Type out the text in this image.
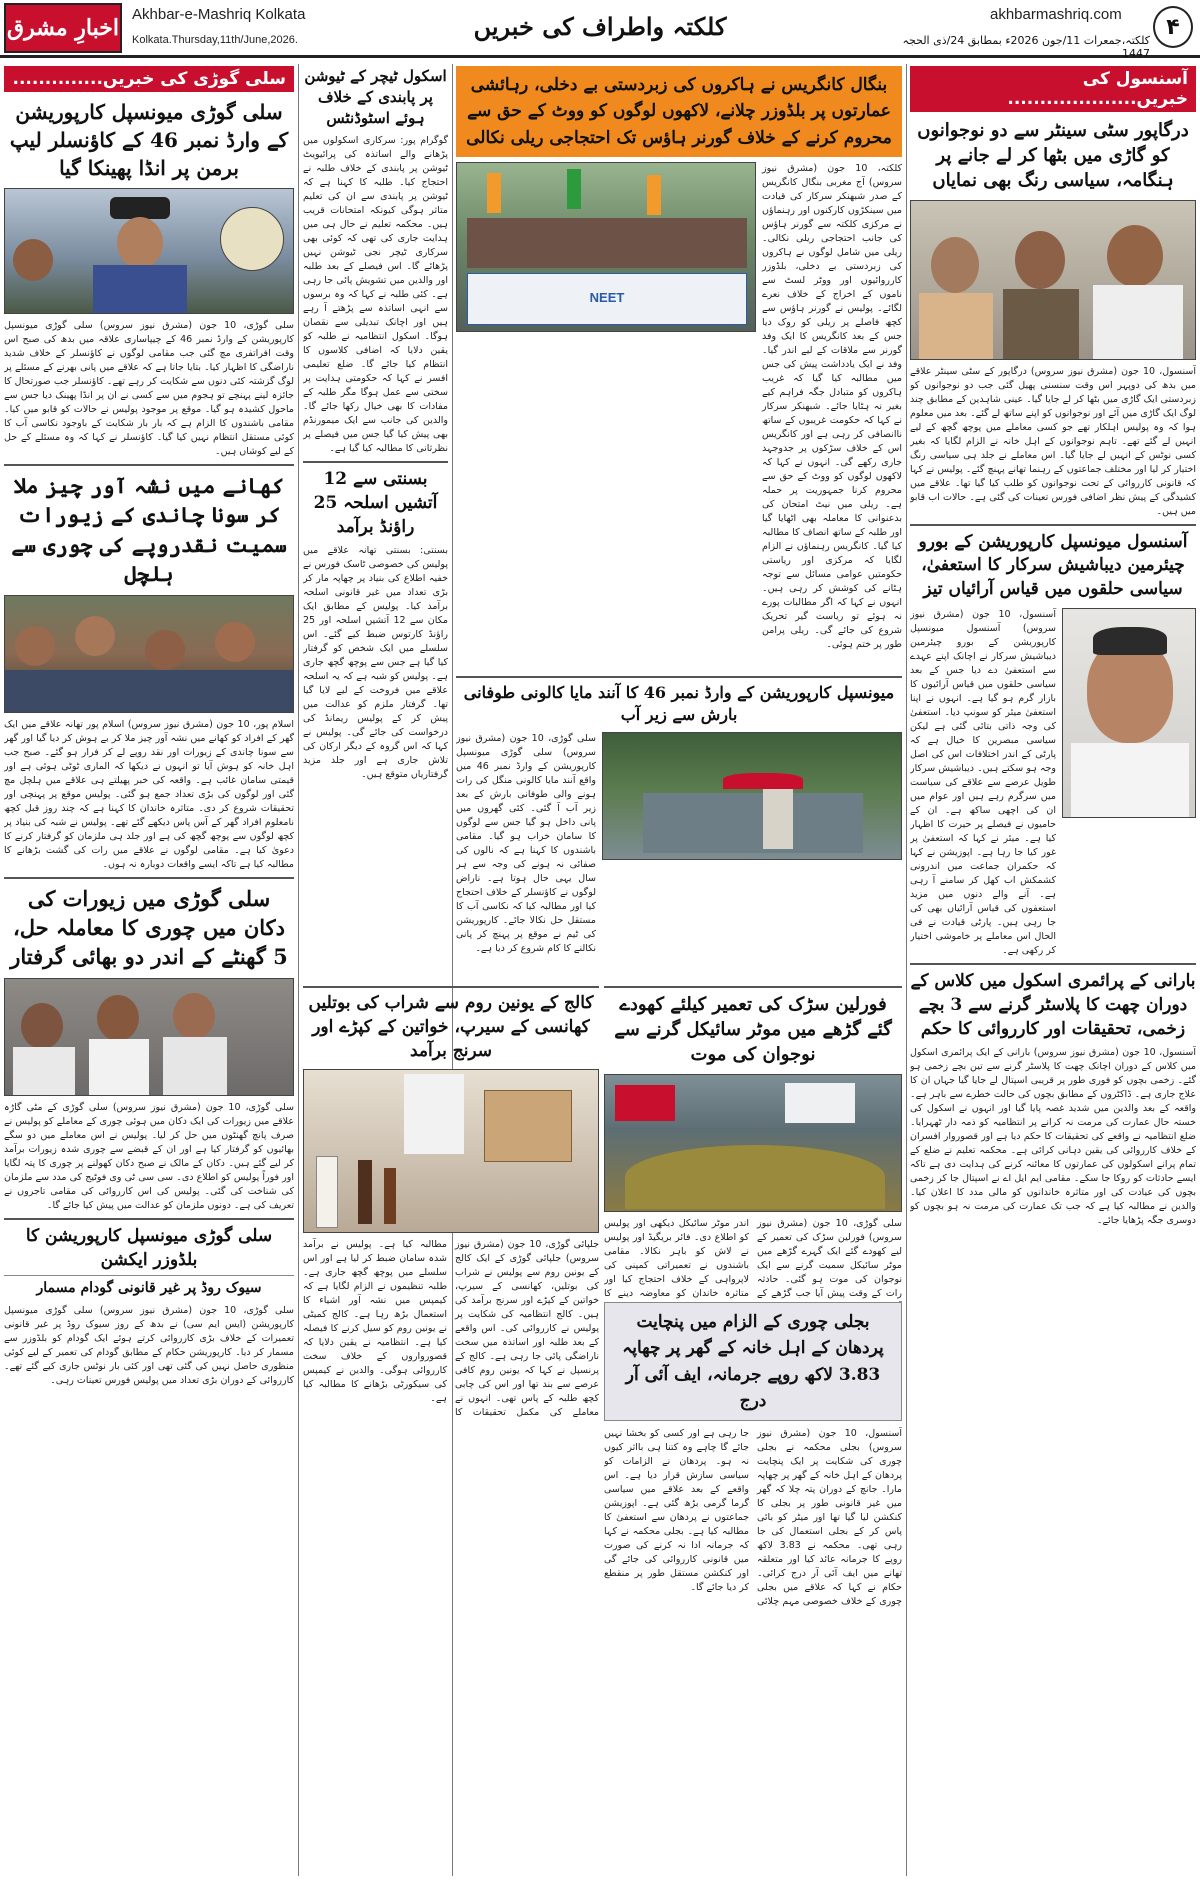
اخبارِ مشرق
Akhbar-e-Mashriq Kolkata
Kolkata.Thursday,11th/June,2026.	کلکتہ واطراف کی خبریں	akhbarmashriq.com
کلکتہ،جمعرات 11/جون 2026ء بمطابق 24/ذی الحجہ 1447
۴
سلی گوڑی کی خبریں..............
سلی گوڑی میونسپل کارپوریشن کے وارڈ نمبر 46 کے کاؤنسلر لیپ برمن پر انڈا پھینکا گیا
سلی گوڑی، 10 جون (مشرق نیوز سروس) سلی گوڑی میونسپل کارپوریشن کے وارڈ نمبر 46 کے چیپاساری علاقہ میں بدھ کی صبح اس وقت افراتفری مچ گئی جب مقامی لوگوں نے کاؤنسلر کے خلاف شدید ناراضگی کا اظہار کیا۔ بتایا جاتا ہے کہ علاقے میں پانی بھرنے کے مسئلے پر لوگ گزشتہ کئی دنوں سے شکایت کر رہے تھے۔ کاؤنسلر جب صورتحال کا جائزہ لینے پہنچے تو ہجوم میں سے کسی نے ان پر انڈا پھینک دیا جس سے ماحول کشیدہ ہو گیا۔ موقع پر موجود پولیس نے حالات کو قابو میں کیا۔ مقامی باشندوں کا الزام ہے کہ بار بار شکایت کے باوجود نکاسی آب کا کوئی مستقل انتظام نہیں کیا گیا۔ کاؤنسلر نے کہا کہ وہ مسئلے کے حل کے لیے کوشاں ہیں۔
کھانے میں نشہ آور چیز ملا کر سونا چاندی کے زیورات سمیت نقدروپے کی چوری سے ہلچل
اسلام پور، 10 جون (مشرق نیوز سروس) اسلام پور تھانہ علاقے میں ایک گھر کے افراد کو کھانے میں نشہ آور چیز ملا کر بے ہوش کر دیا گیا اور گھر سے سونا چاندی کے زیورات اور نقد روپے لے کر فرار ہو گئے۔ صبح جب اہل خانہ کو ہوش آیا تو انہوں نے دیکھا کہ الماری ٹوٹی ہوئی ہے اور قیمتی سامان غائب ہے۔ واقعہ کی خبر پھیلتے ہی علاقے میں ہلچل مچ گئی اور لوگوں کی بڑی تعداد جمع ہو گئی۔ پولیس موقع پر پہنچی اور تحقیقات شروع کر دی۔ متاثرہ خاندان کا کہنا ہے کہ چند روز قبل کچھ نامعلوم افراد گھر کے آس پاس دیکھے گئے تھے۔ پولیس نے شبہ کی بنیاد پر کچھ لوگوں سے پوچھ گچھ کی ہے اور جلد ہی ملزمان کو گرفتار کرنے کا دعویٰ کیا ہے۔ مقامی لوگوں نے علاقے میں رات کی گشت بڑھانے کا مطالبہ کیا ہے تاکہ ایسے واقعات دوبارہ نہ ہوں۔
سلی گوڑی میں زیورات کی دکان میں چوری کا معاملہ حل، 5 گھنٹے کے اندر دو بھائی گرفتار
سلی گوڑی، 10 جون (مشرق نیوز سروس) سلی گوڑی کے مٹی گاڑہ علاقے میں زیورات کی ایک دکان میں ہوئی چوری کے معاملے کو پولیس نے صرف پانچ گھنٹوں میں حل کر لیا۔ پولیس نے اس معاملے میں دو سگے بھائیوں کو گرفتار کیا ہے اور ان کے قبضے سے چوری شدہ زیورات برآمد کر لیے گئے ہیں۔ دکان کے مالک نے صبح دکان کھولنے پر چوری کا پتہ لگایا اور فوراً پولیس کو اطلاع دی۔ سی سی ٹی وی فوٹیج کی مدد سے ملزمان کی شناخت کی گئی۔ پولیس کی اس کارروائی کی مقامی تاجروں نے تعریف کی ہے۔ دونوں ملزمان کو عدالت میں پیش کیا جائے گا۔
سلی گوڑی میونسپل کارپوریشن کا بلڈوزر ایکشن
سیوک روڈ پر غیر قانونی گودام مسمار
سلی گوڑی، 10 جون (مشرق نیوز سروس) سلی گوڑی میونسپل کارپوریشن (ایس ایم سی) نے بدھ کے روز سیوک روڈ پر غیر قانونی تعمیرات کے خلاف بڑی کارروائی کرتے ہوئے ایک گودام کو بلڈوزر سے مسمار کر دیا۔ کارپوریشن حکام کے مطابق گودام کی تعمیر کے لیے کوئی منظوری حاصل نہیں کی گئی تھی اور کئی بار نوٹس جاری کیے گئے تھے۔ کارروائی کے دوران بڑی تعداد میں پولیس فورس تعینات رہی۔
اسکول ٹیچر کے ٹیوشن پر پابندی کے خلاف ہوئے اسٹوڈنٹس
گوگرام پور: سرکاری اسکولوں میں پڑھانے والے اساتذہ کی پرائیویٹ ٹیوشن پر پابندی کے خلاف طلبہ نے احتجاج کیا۔ طلبہ کا کہنا ہے کہ ٹیوشن پر پابندی سے ان کی تعلیم متاثر ہوگی کیونکہ امتحانات قریب ہیں۔ محکمہ تعلیم نے حال ہی میں ہدایت جاری کی تھی کہ کوئی بھی سرکاری ٹیچر نجی ٹیوشن نہیں پڑھائے گا۔ اس فیصلے کے بعد طلبہ اور والدین میں تشویش پائی جا رہی ہے۔ کئی طلبہ نے کہا کہ وہ برسوں سے انہی اساتذہ سے پڑھتے آ رہے ہیں اور اچانک تبدیلی سے نقصان ہوگا۔ اسکول انتظامیہ نے طلبہ کو یقین دلایا کہ اضافی کلاسوں کا انتظام کیا جائے گا۔ ضلع تعلیمی افسر نے کہا کہ حکومتی ہدایت پر سختی سے عمل ہوگا مگر طلبہ کے مفادات کا بھی خیال رکھا جائے گا۔ والدین کی جانب سے ایک میمورنڈم بھی پیش کیا گیا جس میں فیصلے پر نظرثانی کا مطالبہ کیا گیا ہے۔
بسنتی سے 12 آتشیں اسلحہ 25 راؤنڈ برآمد
بسنتی: بسنتی تھانہ علاقے میں پولیس کی خصوصی ٹاسک فورس نے خفیہ اطلاع کی بنیاد پر چھاپہ مار کر بڑی تعداد میں غیر قانونی اسلحہ برآمد کیا۔ پولیس کے مطابق ایک مکان سے 12 آتشیں اسلحہ اور 25 راؤنڈ کارتوس ضبط کیے گئے۔ اس سلسلے میں ایک شخص کو گرفتار کیا گیا ہے جس سے پوچھ گچھ جاری ہے۔ پولیس کو شبہ ہے کہ یہ اسلحہ علاقے میں فروخت کے لیے لایا گیا تھا۔ گرفتار ملزم کو عدالت میں پیش کر کے پولیس ریمانڈ کی درخواست کی جائے گی۔ پولیس نے کہا کہ اس گروہ کے دیگر ارکان کی تلاش جاری ہے اور جلد مزید گرفتاریاں متوقع ہیں۔
بنگال کانگریس نے ہاکروں کی زبردستی بے دخلی، رہائشی عمارتوں پر بلڈوزر چلانے، لاکھوں لوگوں کو ووٹ کے حق سے محروم کرنے کے خلاف گورنر ہاؤس تک احتجاجی ریلی نکالی
کلکتہ، 10 جون (مشرق نیوز سروس) آج مغربی بنگال کانگریس کے صدر شبھنکر سرکار کی قیادت میں سینکڑوں کارکنوں اور رہنماؤں نے مرکزی کلکتہ سے گورنر ہاؤس کی جانب احتجاجی ریلی نکالی۔ ریلی میں شامل لوگوں نے ہاکروں کی زبردستی بے دخلی، بلڈوزر کارروائیوں اور ووٹر لسٹ سے ناموں کے اخراج کے خلاف نعرے لگائے۔ پولیس نے گورنر ہاؤس سے کچھ فاصلے پر ریلی کو روک دیا جس کے بعد کانگریس کا ایک وفد گورنر سے ملاقات کے لیے اندر گیا۔ وفد نے ایک یادداشت پیش کی جس میں مطالبہ کیا گیا کہ غریب ہاکروں کو متبادل جگہ فراہم کیے بغیر نہ ہٹایا جائے۔ شبھنکر سرکار نے کہا کہ حکومت غریبوں کے ساتھ ناانصافی کر رہی ہے اور کانگریس اس کے خلاف سڑکوں پر جدوجہد جاری رکھے گی۔ انہوں نے کہا کہ لاکھوں لوگوں کو ووٹ کے حق سے محروم کرنا جمہوریت پر حملہ ہے۔ ریلی میں نیٹ امتحان کی بدعنوانی کا معاملہ بھی اٹھایا گیا اور طلبہ کے ساتھ انصاف کا مطالبہ کیا گیا۔ کانگریس رہنماؤں نے الزام لگایا کہ مرکزی اور ریاستی حکومتیں عوامی مسائل سے توجہ ہٹانے کی کوشش کر رہی ہیں۔ انہوں نے کہا کہ اگر مطالبات پورے نہ ہوئے تو ریاست گیر تحریک شروع کی جائے گی۔ ریلی پرامن طور پر ختم ہوئی۔
NEET
میونسپل کارپوریشن کے وارڈ نمبر 46 کا آنند مایا کالونی طوفانی بارش سے زیر آب
سلی گوڑی، 10 جون (مشرق نیوز سروس) سلی گوڑی میونسپل کارپوریشن کے وارڈ نمبر 46 میں واقع آنند مایا کالونی منگل کی رات ہونے والی طوفانی بارش کے بعد زیر آب آ گئی۔ کئی گھروں میں پانی داخل ہو گیا جس سے لوگوں کا سامان خراب ہو گیا۔ مقامی باشندوں کا کہنا ہے کہ نالوں کی صفائی نہ ہونے کی وجہ سے ہر سال یہی حال ہوتا ہے۔ ناراض لوگوں نے کاؤنسلر کے خلاف احتجاج کیا اور مطالبہ کیا کہ نکاسی آب کا مستقل حل نکالا جائے۔ کارپوریشن کی ٹیم نے موقع پر پہنچ کر پانی نکالنے کا کام شروع کر دیا ہے۔
کالج کے یونین روم سے شراب کی بوتلیں کھانسی کے سیرپ، خواتین کے کپڑے اور سرنج برآمد
جلپائی گوڑی، 10 جون (مشرق نیوز سروس) جلپائی گوڑی کے ایک کالج کے یونین روم سے پولیس نے شراب کی بوتلیں، کھانسی کے سیرپ، خواتین کے کپڑے اور سرنج برآمد کی ہیں۔ کالج انتظامیہ کی شکایت پر پولیس نے کارروائی کی۔ اس واقعے کے بعد طلبہ اور اساتذہ میں سخت ناراضگی پائی جا رہی ہے۔ کالج کے پرنسپل نے کہا کہ یونین روم کافی عرصے سے بند تھا اور اس کی چابی کچھ طلبہ کے پاس تھی۔ انہوں نے معاملے کی مکمل تحقیقات کا مطالبہ کیا ہے۔ پولیس نے برآمد شدہ سامان ضبط کر لیا ہے اور اس سلسلے میں پوچھ گچھ جاری ہے۔ طلبہ تنظیموں نے الزام لگایا ہے کہ کیمپس میں نشہ آور اشیاء کا استعمال بڑھ رہا ہے۔ کالج کمیٹی نے یونین روم کو سیل کرنے کا فیصلہ کیا ہے۔ انتظامیہ نے یقین دلایا کہ قصورواروں کے خلاف سخت کارروائی ہوگی۔ والدین نے کیمپس کی سیکورٹی بڑھانے کا مطالبہ کیا ہے۔
فورلین سڑک کی تعمیر کیلئے کھودے گئے گڑھے میں موٹر سائیکل گرنے سے نوجوان کی موت
سلی گوڑی، 10 جون (مشرق نیوز سروس) فورلین سڑک کی تعمیر کے لیے کھودے گئے ایک گہرے گڑھے میں موٹر سائیکل سمیت گرنے سے ایک نوجوان کی موت ہو گئی۔ حادثہ رات کے وقت پیش آیا جب گڑھے کے اندر موٹر سائیکل دیکھی اور پولیس کو اطلاع دی۔ فائر بریگیڈ اور پولیس نے لاش کو باہر نکالا۔ مقامی باشندوں نے تعمیراتی کمپنی کی لاپرواہی کے خلاف احتجاج کیا اور متاثرہ خاندان کو معاوضہ دینے کا
بجلی چوری کے الزام میں پنچایت پردھان کے اہل خانہ کے گھر پر چھاپہ 3.83 لاکھ روپے جرمانہ، ایف آئی آر درج
آسنسول، 10 جون (مشرق نیوز سروس) بجلی محکمہ نے بجلی چوری کی شکایت پر ایک پنچایت پردھان کے اہل خانہ کے گھر پر چھاپہ مارا۔ جانچ کے دوران پتہ چلا کہ گھر میں غیر قانونی طور پر بجلی کا کنکشن لیا گیا تھا اور میٹر کو بائی پاس کر کے بجلی استعمال کی جا رہی تھی۔ محکمہ نے 3.83 لاکھ روپے کا جرمانہ عائد کیا اور متعلقہ تھانے میں ایف آئی آر درج کرائی۔ حکام نے کہا کہ علاقے میں بجلی چوری کے خلاف خصوصی مہم چلائی جا رہی ہے اور کسی کو بخشا نہیں جائے گا چاہے وہ کتنا ہی بااثر کیوں نہ ہو۔ پردھان نے الزامات کو سیاسی سازش قرار دیا ہے۔ اس واقعے کے بعد علاقے میں سیاسی گرما گرمی بڑھ گئی ہے۔ اپوزیشن جماعتوں نے پردھان سے استعفیٰ کا مطالبہ کیا ہے۔ بجلی محکمہ نے کہا کہ جرمانہ ادا نہ کرنے کی صورت میں قانونی کارروائی کی جائے گی اور کنکشن مستقل طور پر منقطع کر دیا جائے گا۔
آسنسول کی خبریں....................
درگاپور سٹی سینٹر سے دو نوجوانوں کو گاڑی میں بٹھا کر لے جانے پر ہنگامہ، سیاسی رنگ بھی نمایاں
آسنسول، 10 جون (مشرق نیوز سروس) درگاپور کے سٹی سینٹر علاقے میں بدھ کی دوپہر اس وقت سنسنی پھیل گئی جب دو نوجوانوں کو زبردستی ایک گاڑی میں بٹھا کر لے جایا گیا۔ عینی شاہدین کے مطابق چند لوگ ایک گاڑی میں آئے اور نوجوانوں کو اپنے ساتھ لے گئے۔ بعد میں معلوم ہوا کہ وہ پولیس اہلکار تھے جو کسی معاملے میں پوچھ گچھ کے لیے انہیں لے گئے تھے۔ تاہم نوجوانوں کے اہل خانہ نے الزام لگایا کہ بغیر کسی نوٹس کے انہیں لے جایا گیا۔ اس معاملے نے جلد ہی سیاسی رنگ اختیار کر لیا اور مختلف جماعتوں کے رہنما تھانے پہنچ گئے۔ پولیس نے کہا کہ قانونی کارروائی کے تحت نوجوانوں کو طلب کیا گیا تھا۔ علاقے میں کشیدگی کے پیش نظر اضافی فورس تعینات کی گئی ہے۔ حالات اب قابو میں ہیں۔
آسنسول میونسپل کارپوریشن کے بورو چیئرمین دیباشیش سرکار کا استعفیٰ، سیاسی حلقوں میں قیاس آرائیاں تیز
آسنسول، 10 جون (مشرق نیوز سروس) آسنسول میونسپل کارپوریشن کے بورو چیئرمین دیباشیش سرکار نے اچانک اپنے عہدے سے استعفیٰ دے دیا جس کے بعد سیاسی حلقوں میں قیاس آرائیوں کا بازار گرم ہو گیا ہے۔ انہوں نے اپنا استعفیٰ میئر کو سونپ دیا۔ استعفیٰ کی وجہ ذاتی بتائی گئی ہے لیکن سیاسی مبصرین کا خیال ہے کہ پارٹی کے اندر اختلافات اس کی اصل وجہ ہو سکتے ہیں۔ دیباشیش سرکار طویل عرصے سے علاقے کی سیاست میں سرگرم رہے ہیں اور عوام میں ان کی اچھی ساکھ ہے۔ ان کے حامیوں نے فیصلے پر حیرت کا اظہار کیا ہے۔ میئر نے کہا کہ استعفیٰ پر غور کیا جا رہا ہے۔ اپوزیشن نے کہا کہ حکمران جماعت میں اندرونی کشمکش اب کھل کر سامنے آ رہی ہے۔ آنے والے دنوں میں مزید استعفوں کی قیاس آرائیاں بھی کی جا رہی ہیں۔ پارٹی قیادت نے فی الحال اس معاملے پر خاموشی اختیار کر رکھی ہے۔
بارانی کے پرائمری اسکول میں کلاس کے دوران چھت کا پلاسٹر گرنے سے 3 بچے زخمی، تحقیقات اور کارروائی کا حکم
آسنسول، 10 جون (مشرق نیوز سروس) بارانی کے ایک پرائمری اسکول میں کلاس کے دوران اچانک چھت کا پلاسٹر گرنے سے تین بچے زخمی ہو گئے۔ زخمی بچوں کو فوری طور پر قریبی اسپتال لے جایا گیا جہاں ان کا علاج جاری ہے۔ ڈاکٹروں کے مطابق بچوں کی حالت خطرے سے باہر ہے۔ واقعہ کے بعد والدین میں شدید غصہ پایا گیا اور انہوں نے اسکول کی خستہ حال عمارت کی مرمت نہ کرانے پر انتظامیہ کو ذمہ دار ٹھہرایا۔ ضلع انتظامیہ نے واقعے کی تحقیقات کا حکم دیا ہے اور قصوروار افسران کے خلاف کارروائی کی یقین دہانی کرائی ہے۔ محکمہ تعلیم نے ضلع کے تمام پرانے اسکولوں کی عمارتوں کا معائنہ کرنے کی ہدایت دی ہے تاکہ ایسے حادثات کو روکا جا سکے۔ مقامی ایم ایل اے نے اسپتال جا کر زخمی بچوں کی عیادت کی اور متاثرہ خاندانوں کو مالی مدد کا اعلان کیا۔ والدین نے مطالبہ کیا ہے کہ جب تک عمارت کی مرمت نہ ہو بچوں کو دوسری جگہ پڑھایا جائے۔
